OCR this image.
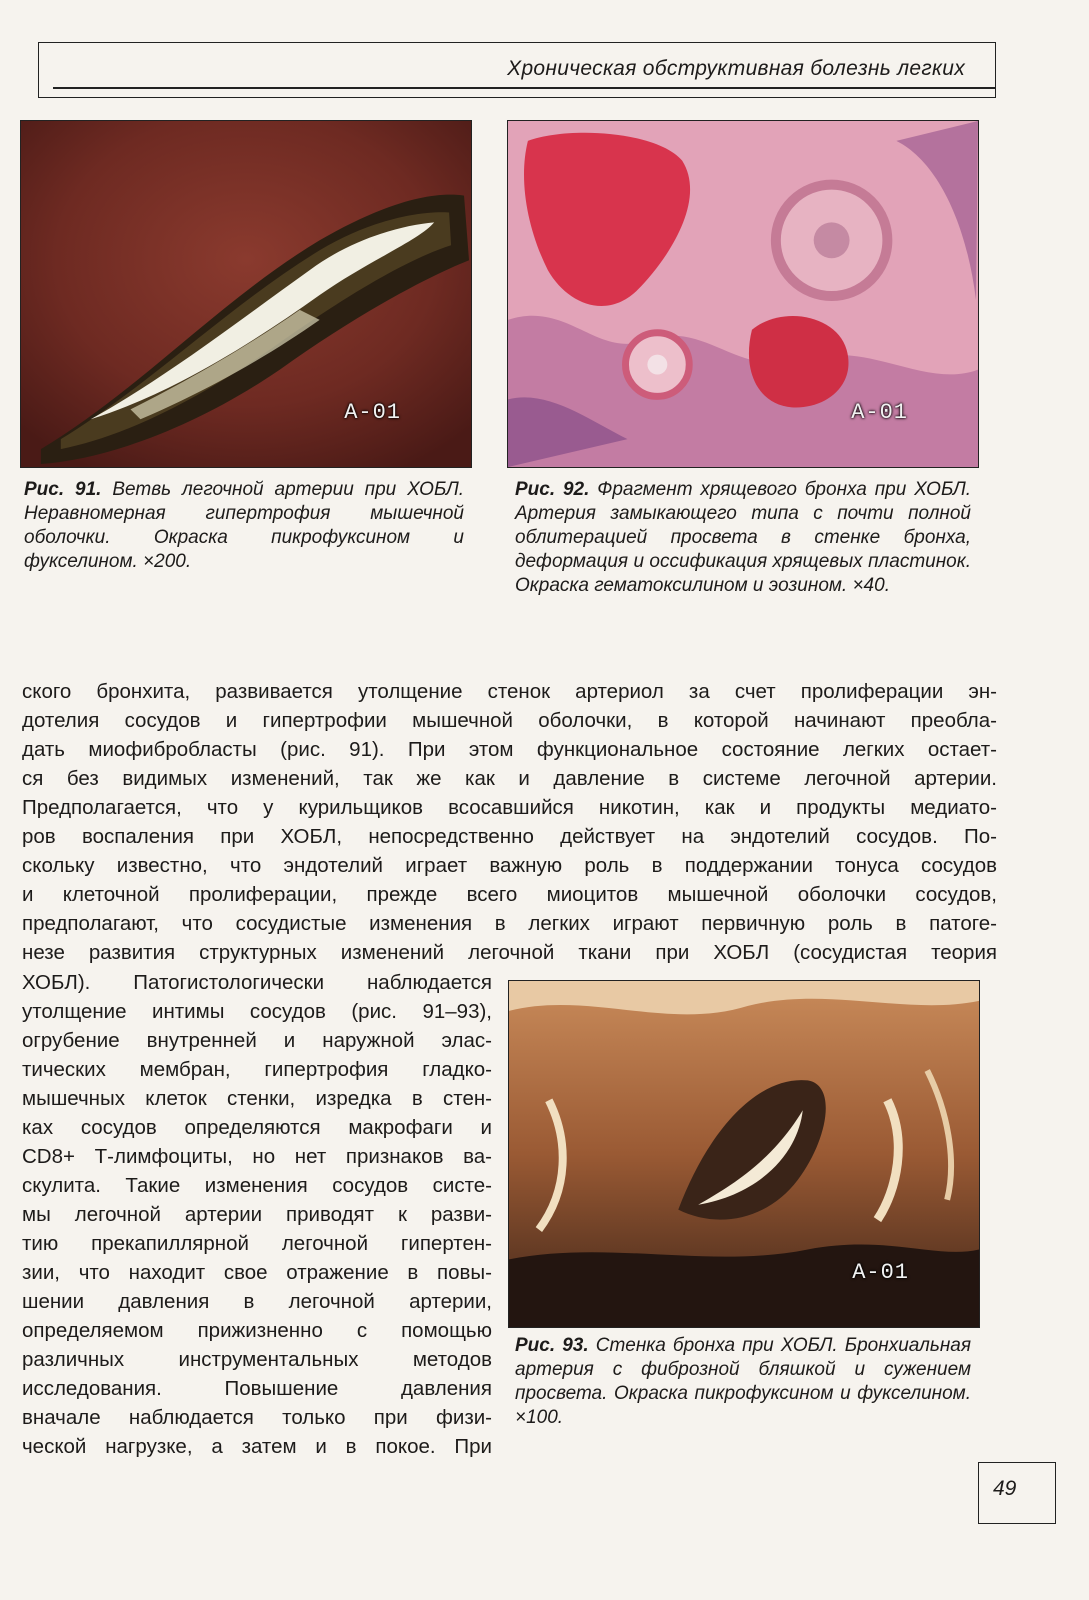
Хроническая обструктивная болезнь легких
A-01	A-01
Рис. 91. Ветвь легочной артерии при ХОБЛ. Неравномерная гипертрофия мышечной оболочки. Окраска пикрофуксином и фукселином. ×200.
Рис. 92. Фрагмент хрящевого бронха при ХОБЛ. Артерия замыкающего типа с почти полной облитерацией просвета в стенке бронха, деформация и оссификация хрящевых пластинок. Окраска гематоксилином и эозином. ×40.
ского бронхита, развивается утолщение стенок артериол за счет пролиферации эн-
дотелия сосудов и гипертрофии мышечной оболочки, в которой начинают преобла-
дать миофибробласты (рис. 91). При этом функциональное состояние легких остает-
ся без видимых изменений, так же как и давление в системе легочной артерии.
Предполагается, что у курильщиков всосавшийся никотин, как и продукты медиато-
ров воспаления при ХОБЛ, непосредственно действует на эндотелий сосудов. По-
скольку известно, что эндотелий играет важную роль в поддержании тонуса сосудов
и клеточной пролиферации, прежде всего миоцитов мышечной оболочки сосудов,
предполагают, что сосудистые изменения в легких играют первичную роль в патоге-
незе развития структурных изменений легочной ткани при ХОБЛ (сосудистая теория
ХОБЛ). Патогистологически наблюдается
утолщение интимы сосудов (рис. 91–93),
огрубение внутренней и наружной элас-
тических мембран, гипертрофия гладко-
мышечных клеток стенки, изредка в стен-
ках сосудов определяются макрофаги и
CD8+ Т-лимфоциты, но нет признаков ва-
скулита. Такие изменения сосудов систе-
мы легочной артерии приводят к разви-
тию прекапиллярной легочной гипертен-
зии, что находит свое отражение в повы-
шении давления в легочной артерии,
определяемом прижизненно с помощью
различных инструментальных методов
исследования. Повышение давления
вначале наблюдается только при физи-
ческой нагрузке, а затем и в покое. При
A-01
Рис. 93. Стенка бронха при ХОБЛ. Бронхиальная артерия с фиброзной бляшкой и сужением просвета. Окраска пикрофуксином и фукселином. ×100.
49
